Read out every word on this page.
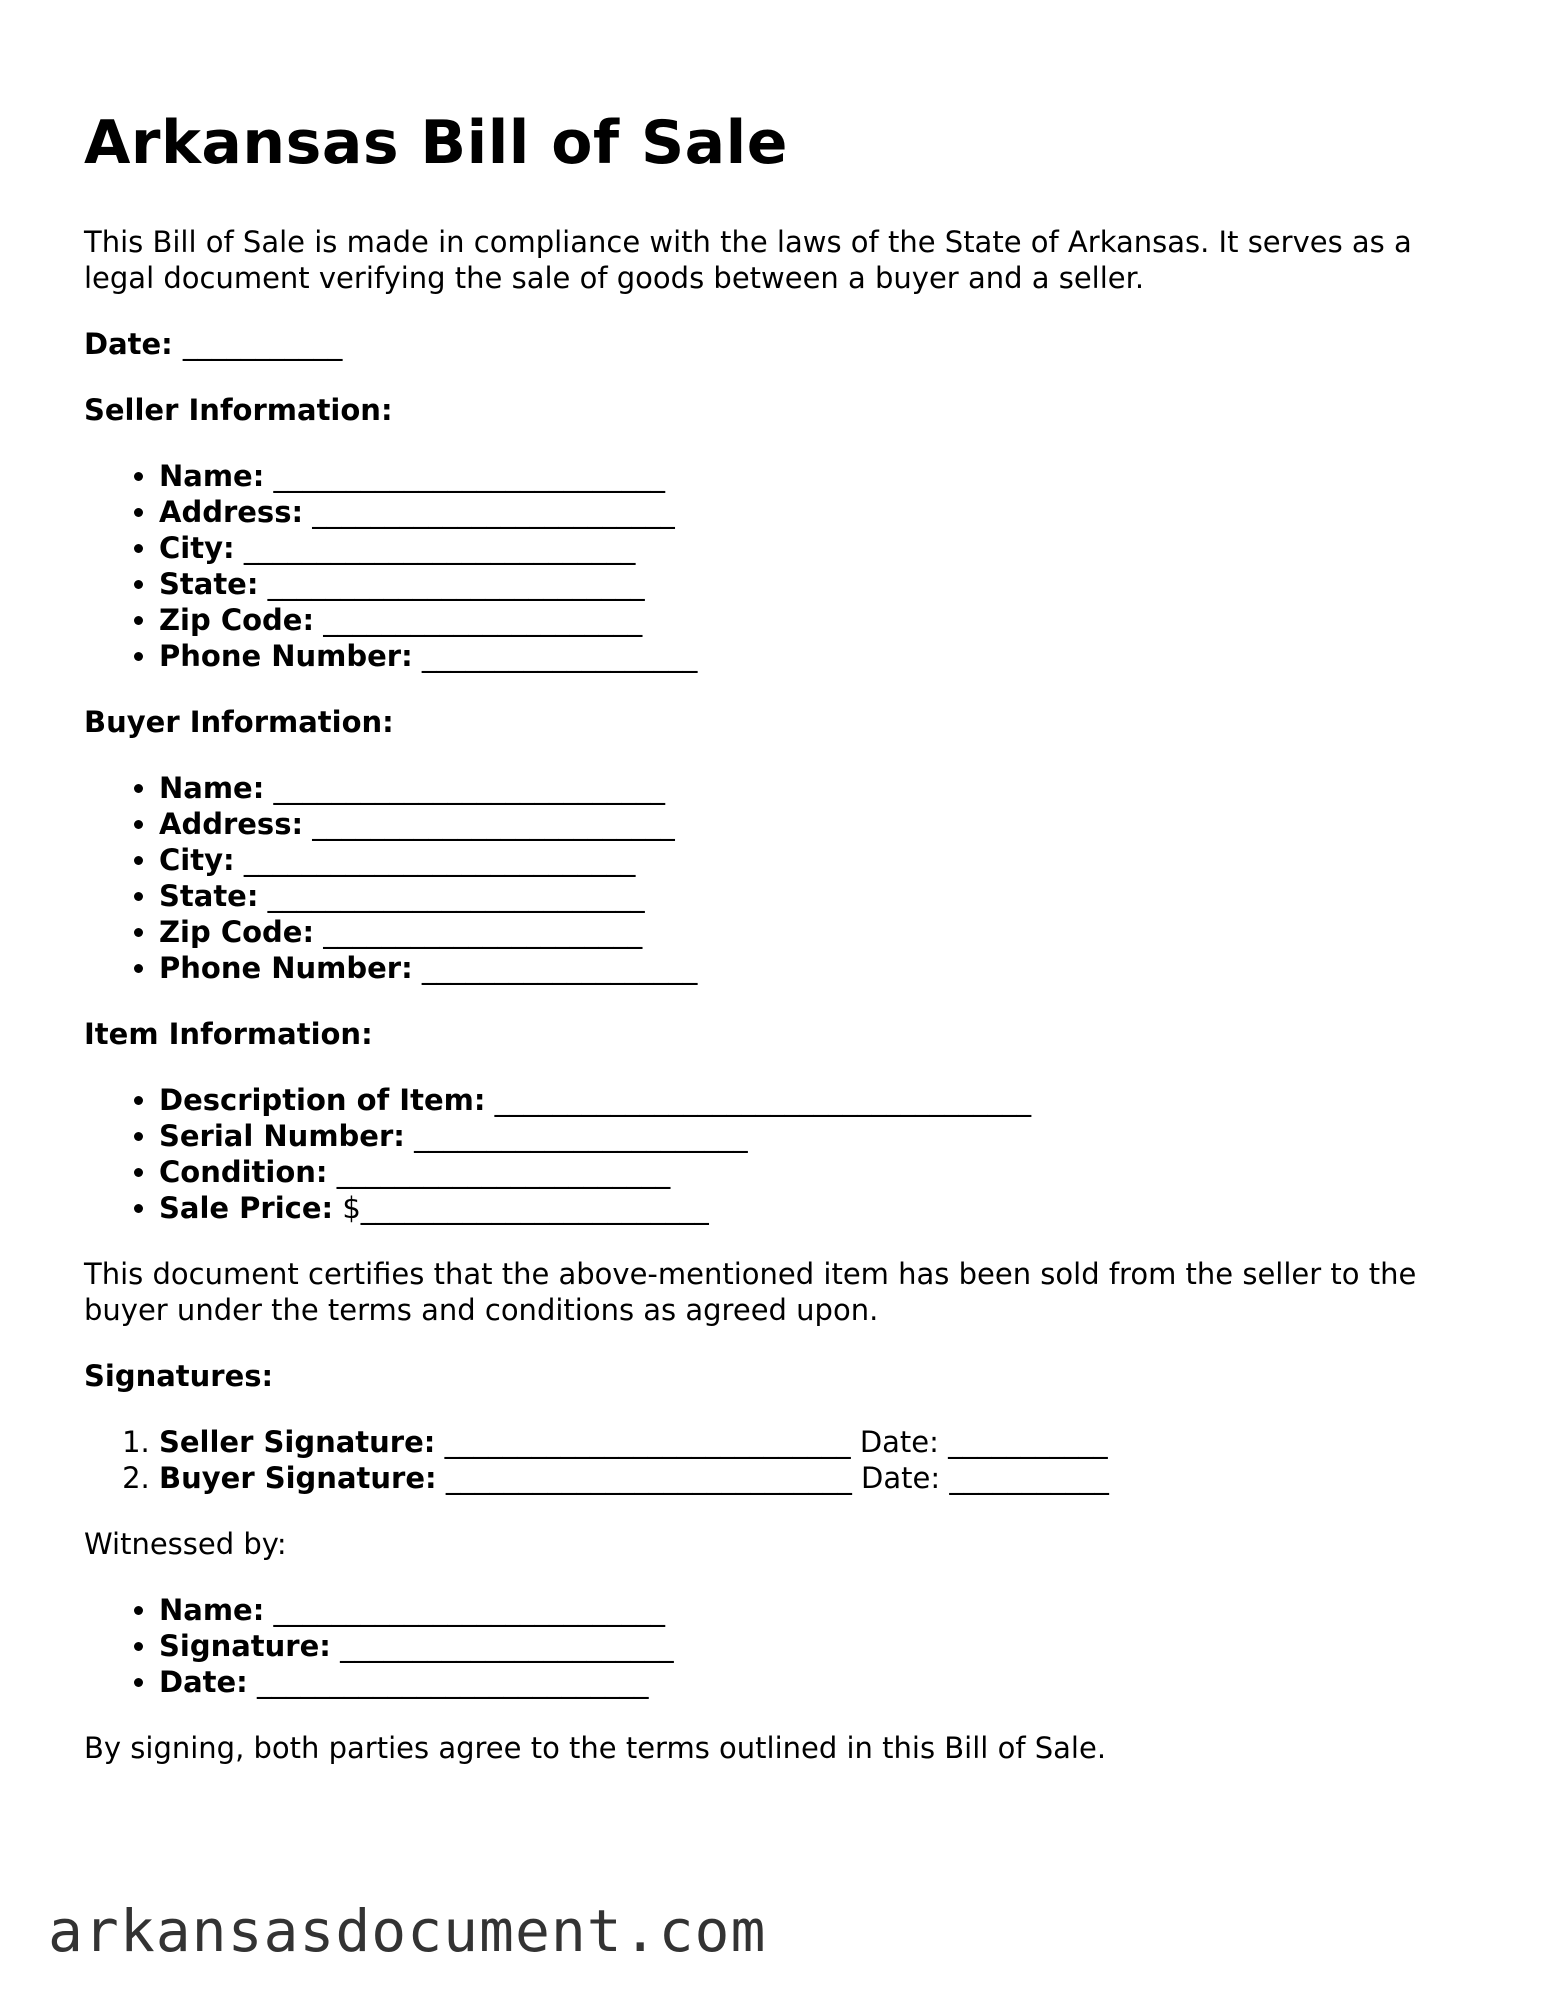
Arkansas Bill of Sale

This Bill of Sale is made in compliance with the laws of the State of Arkansas. It serves as a legal document verifying the sale of goods between a buyer and a seller.

Date: ___________

Seller Information:

• Name: ___________________________
• Address: _________________________
• City: ___________________________
• State: __________________________
• Zip Code: ______________________
• Phone Number: ___________________

Buyer Information:

• Name: ___________________________
• Address: _________________________
• City: ___________________________
• State: __________________________
• Zip Code: ______________________
• Phone Number: ___________________

Item Information:

• Description of Item: _____________________________________
• Serial Number: _______________________
• Condition: _______________________
• Sale Price: $________________________

This document certifies that the above-mentioned item has been sold from the seller to the buyer under the terms and conditions as agreed upon.

Signatures:

1. Seller Signature: ____________________________ Date: ___________
2. Buyer Signature: ____________________________ Date: ___________

Witnessed by:

• Name: ___________________________
• Signature: _______________________
• Date: ___________________________

By signing, both parties agree to the terms outlined in this Bill of Sale.

arkansasdocument.com
